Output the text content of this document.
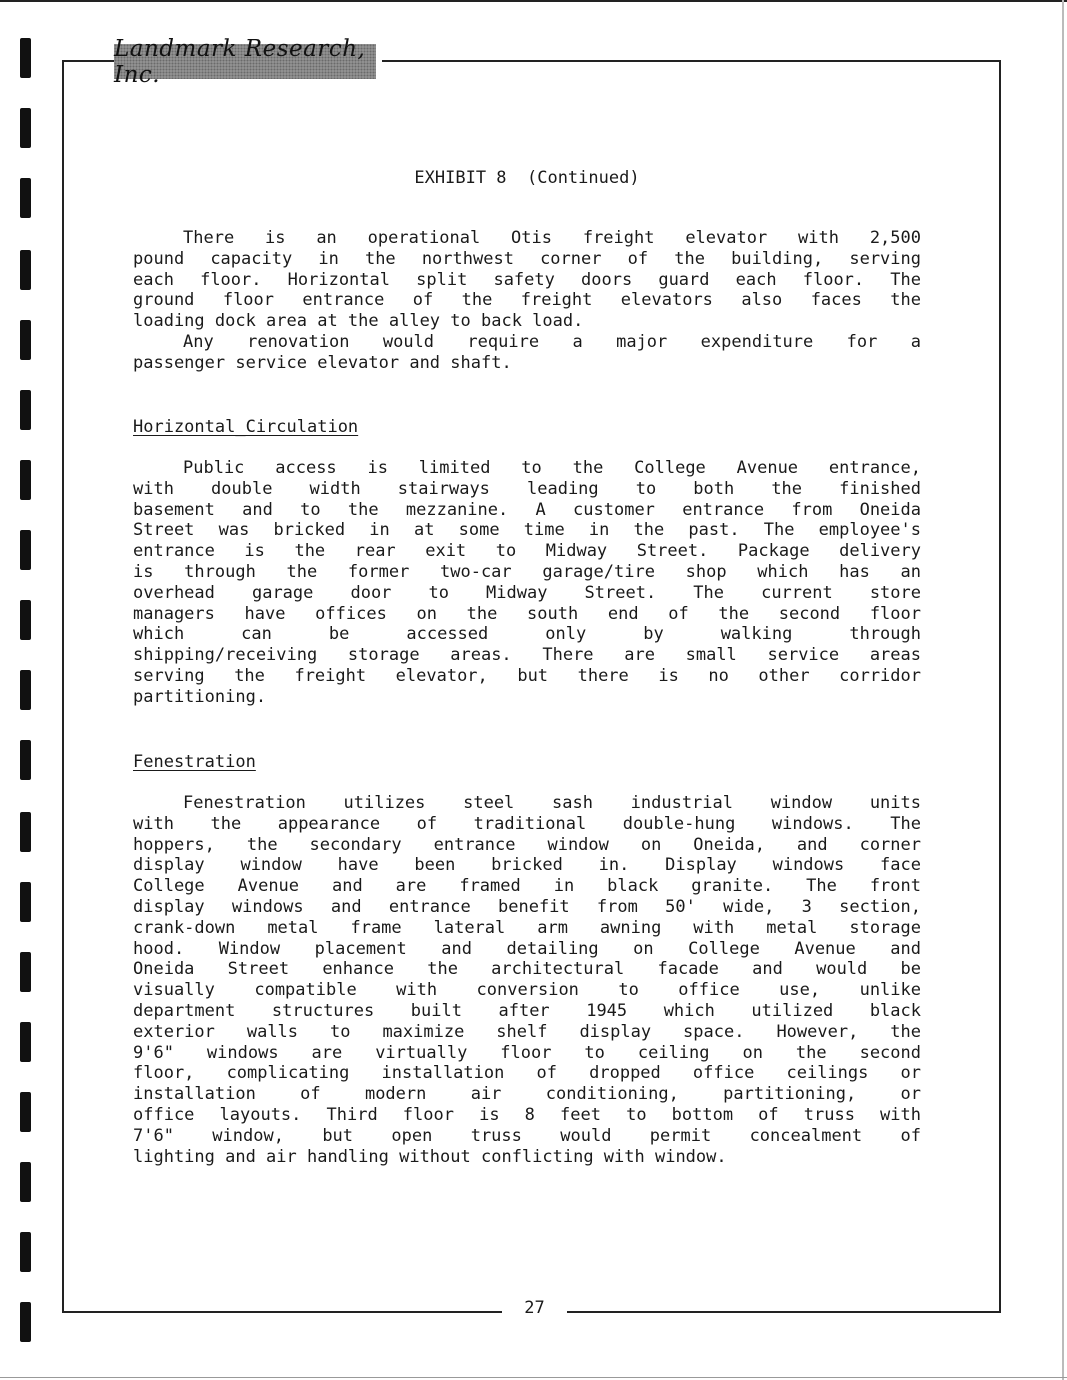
Landmark Research, Inc.
EXHIBIT 8  (Continued)
There is an operational Otis freight elevator with 2,500
pound capacity in the northwest corner of the building, serving
each floor. Horizontal split safety doors guard each floor. The
ground floor entrance of the freight elevators also faces the
loading dock area at the alley to back load.
Any renovation would require a major expenditure for a
passenger service elevator and shaft.
Horizontal_Circulation
Public access is limited to the College Avenue entrance,
with double width stairways leading to both the finished
basement and to the mezzanine. A customer entrance from Oneida
Street was bricked in at some time in the past. The employee's
entrance is the rear exit to Midway Street. Package delivery
is through the former two-car garage/tire shop which has an
overhead garage door to Midway Street. The current store
managers have offices on the south end of the second floor
which can be accessed only by walking through
shipping/receiving storage areas. There are small service areas
serving the freight elevator, but there is no other corridor
partitioning.
Fenestration
Fenestration utilizes steel sash industrial window units
with the appearance of traditional double-hung windows. The
hoppers, the secondary entrance window on Oneida, and corner
display window have been bricked in. Display windows face
College Avenue and are framed in black granite. The front
display windows and entrance benefit from 50' wide, 3 section,
crank-down metal frame lateral arm awning with metal storage
hood. Window placement and detailing on College Avenue and
Oneida Street enhance the architectural facade and would be
visually compatible with conversion to office use, unlike
department structures built after 1945 which utilized black
exterior walls to maximize shelf display space. However, the
9'6" windows are virtually floor to ceiling on the second
floor, complicating installation of dropped office ceilings or
installation of modern air conditioning, partitioning, or
office layouts. Third floor is 8 feet to bottom of truss with
7'6" window, but open truss would permit concealment of
lighting and air handling without conflicting with window.
27
